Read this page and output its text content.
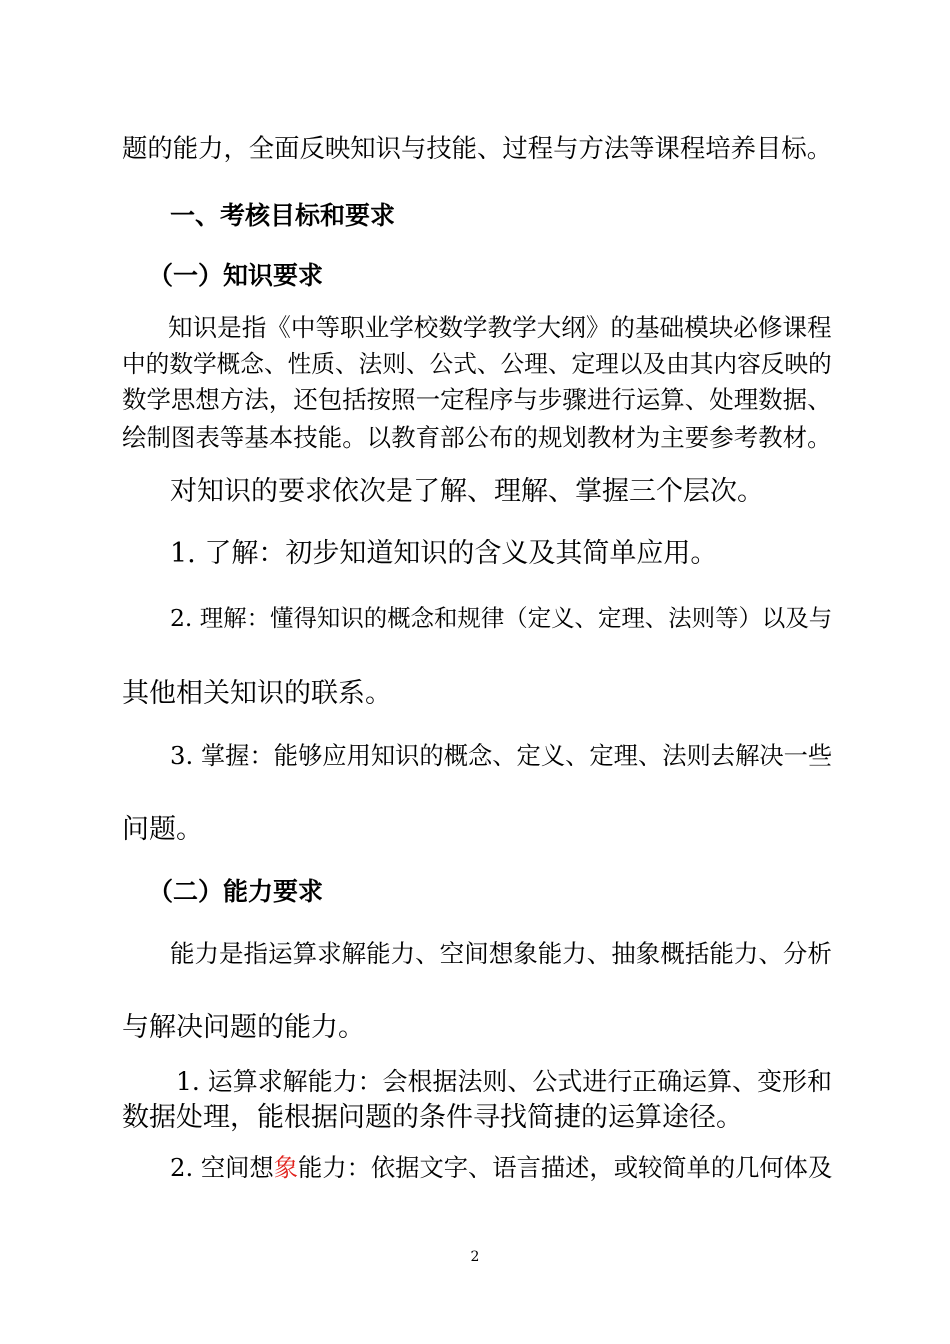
题的能力，全面反映知识与技能、过程与方法等课程培养目标。
一、考核目标和要求
（一）知识要求
知识是指《中等职业学校数学教学大纲》的基础模块必修课程
中的数学概念、性质、法则、公式、公理、定理以及由其内容反映的
数学思想方法，还包括按照一定程序与步骤进行运算、处理数据、
绘制图表等基本技能。以教育部公布的规划教材为主要参考教材。
对知识的要求依次是了解、理解、掌握三个层次。
1. 了解：初步知道知识的含义及其简单应用。
2. 理解：懂得知识的概念和规律（定义、定理、法则等）以及与
其他相关知识的联系。
3. 掌握：能够应用知识的概念、定义、定理、法则去解决一些
问题。
（二）能力要求
能力是指运算求解能力、空间想象能力、抽象概括能力、分析
与解决问题的能力。
1. 运算求解能力：会根据法则、公式进行正确运算、变形和
数据处理，能根据问题的条件寻找简捷的运算途径。
2. 空间想象能力：依据文字、语言描述，或较简单的几何体及
2
